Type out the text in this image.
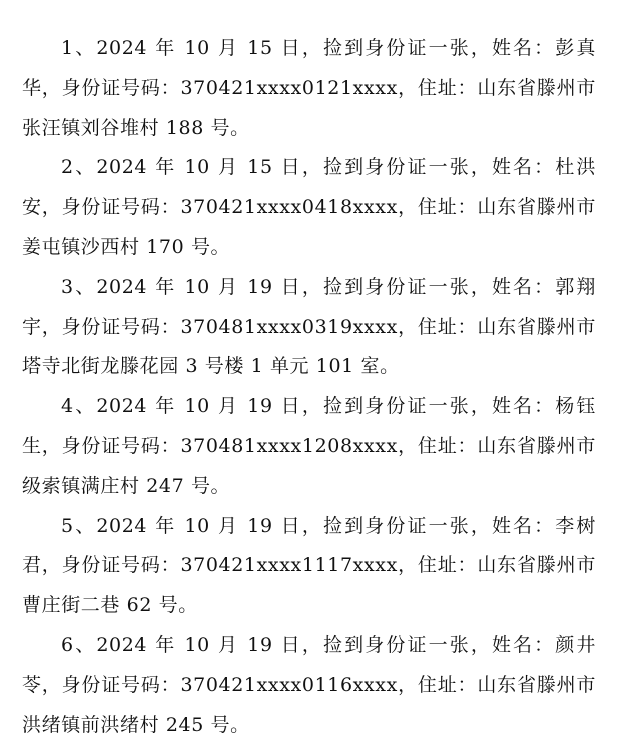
1、2024 年 10 月 15 日，捡到身份证一张，姓名：彭真华，身份证号码：370421xxxx0121xxxx，住址：山东省滕州市张汪镇刘谷堆村 188 号。

2、2024 年 10 月 15 日，捡到身份证一张，姓名：杜洪安，身份证号码：370421xxxx0418xxxx，住址：山东省滕州市姜屯镇沙西村 170 号。

3、2024 年 10 月 19 日，捡到身份证一张，姓名：郭翔宇，身份证号码：370481xxxx0319xxxx，住址：山东省滕州市塔寺北街龙滕花园 3 号楼 1 单元 101 室。

4、2024 年 10 月 19 日，捡到身份证一张，姓名：杨钰生，身份证号码：370481xxxx1208xxxx，住址：山东省滕州市级索镇满庄村 247 号。

5、2024 年 10 月 19 日，捡到身份证一张，姓名：李树君，身份证号码：370421xxxx1117xxxx，住址：山东省滕州市曹庄街二巷 62 号。

6、2024 年 10 月 19 日，捡到身份证一张，姓名：颜井苓，身份证号码：370421xxxx0116xxxx，住址：山东省滕州市洪绪镇前洪绪村 245 号。
